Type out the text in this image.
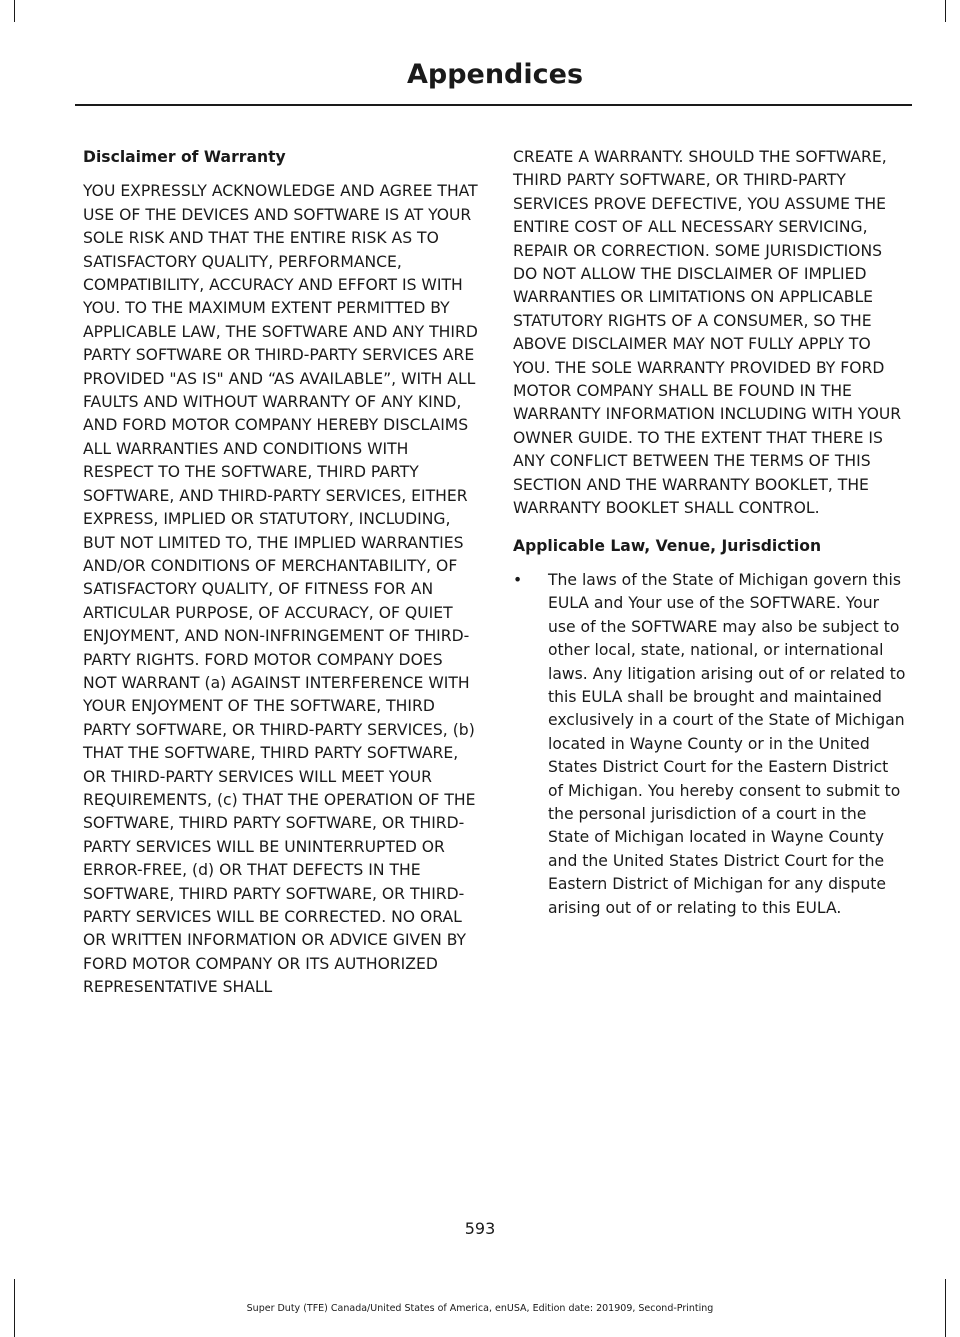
Appendices
Disclaimer of Warranty
YOU EXPRESSLY ACKNOWLEDGE AND AGREE THAT USE OF THE DEVICES AND SOFTWARE IS AT YOUR SOLE RISK AND THAT THE ENTIRE RISK AS TO SATISFACTORY QUALITY, PERFORMANCE, COMPATIBILITY, ACCURACY AND EFFORT IS WITH YOU. TO THE MAXIMUM EXTENT PERMITTED BY APPLICABLE LAW, THE SOFTWARE AND ANY THIRD PARTY SOFTWARE OR THIRD-PARTY SERVICES ARE PROVIDED "AS IS" AND “AS AVAILABLE”, WITH ALL FAULTS AND WITHOUT WARRANTY OF ANY KIND, AND FORD MOTOR COMPANY HEREBY DISCLAIMS ALL WARRANTIES AND CONDITIONS WITH RESPECT TO THE SOFTWARE, THIRD PARTY SOFTWARE, AND THIRD-PARTY SERVICES, EITHER EXPRESS, IMPLIED OR STATUTORY, INCLUDING, BUT NOT LIMITED TO, THE IMPLIED WARRANTIES AND/OR CONDITIONS OF MERCHANTABILITY, OF SATISFACTORY QUALITY, OF FITNESS FOR AN ARTICULAR PURPOSE, OF ACCURACY, OF QUIET ENJOYMENT, AND NON-INFRINGEMENT OF THIRD-PARTY RIGHTS. FORD MOTOR COMPANY DOES NOT WARRANT (a) AGAINST INTERFERENCE WITH YOUR ENJOYMENT OF THE SOFTWARE, THIRD PARTY SOFTWARE, OR THIRD-PARTY SERVICES, (b) THAT THE SOFTWARE, THIRD PARTY SOFTWARE, OR THIRD-PARTY SERVICES WILL MEET YOUR REQUIREMENTS, (c) THAT THE OPERATION OF THE SOFTWARE, THIRD PARTY SOFTWARE, OR THIRD-PARTY SERVICES WILL BE UNINTERRUPTED OR ERROR-FREE, (d) OR THAT DEFECTS IN THE SOFTWARE, THIRD PARTY SOFTWARE, OR THIRD-PARTY SERVICES WILL BE CORRECTED. NO ORAL OR WRITTEN INFORMATION OR ADVICE GIVEN BY FORD MOTOR COMPANY OR ITS AUTHORIZED REPRESENTATIVE SHALL
CREATE A WARRANTY. SHOULD THE SOFTWARE, THIRD PARTY SOFTWARE, OR THIRD-PARTY SERVICES PROVE DEFECTIVE, YOU ASSUME THE ENTIRE COST OF ALL NECESSARY SERVICING, REPAIR OR CORRECTION. SOME JURISDICTIONS DO NOT ALLOW THE DISCLAIMER OF IMPLIED WARRANTIES OR LIMITATIONS ON APPLICABLE STATUTORY RIGHTS OF A CONSUMER, SO THE ABOVE DISCLAIMER MAY NOT FULLY APPLY TO YOU. THE SOLE WARRANTY PROVIDED BY FORD MOTOR COMPANY SHALL BE FOUND IN THE WARRANTY INFORMATION INCLUDING WITH YOUR OWNER GUIDE. TO THE EXTENT THAT THERE IS ANY CONFLICT BETWEEN THE TERMS OF THIS SECTION AND THE WARRANTY BOOKLET, THE WARRANTY BOOKLET SHALL CONTROL.
Applicable Law, Venue, Jurisdiction
•	The laws of the State of Michigan govern this EULA and Your use of the SOFTWARE. Your use of the SOFTWARE may also be subject to other local, state, national, or international laws. Any litigation arising out of or related to this EULA shall be brought and maintained exclusively in a court of the State of Michigan located in Wayne County or in the United States District Court for the Eastern District of Michigan. You hereby consent to submit to the personal jurisdiction of a court in the State of Michigan located in Wayne County and the United States District Court for the Eastern District of Michigan for any dispute arising out of or relating to this EULA.
593
Super Duty (TFE) Canada/United States of America, enUSA, Edition date: 201909, Second-Printing
